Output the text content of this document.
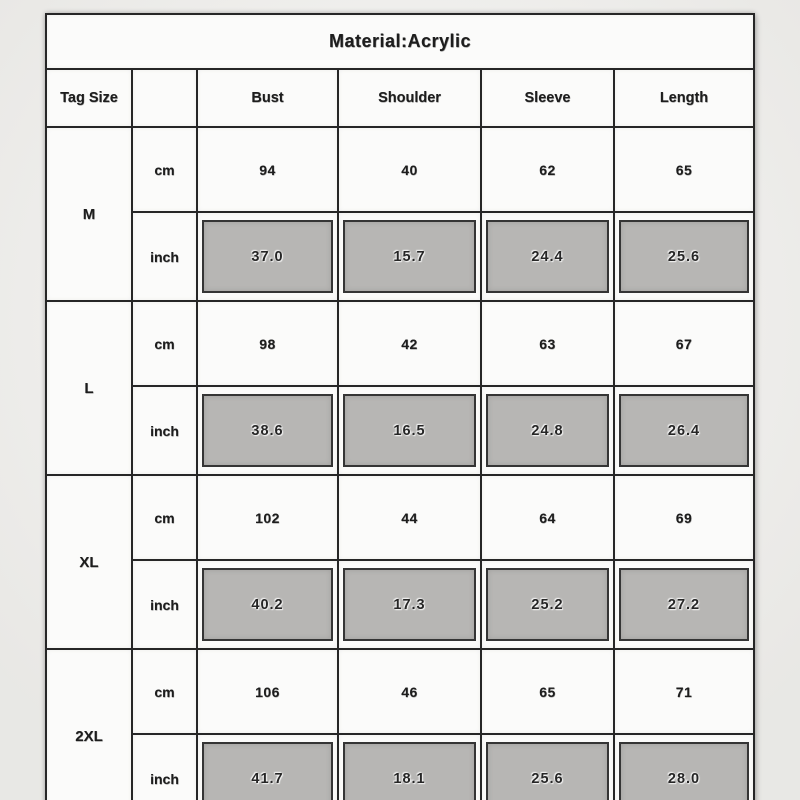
Material:Acrylic					
Tag Size		Bust	Shoulder	Sleeve	Length
M	cm	94	40	62	65
	inch	37.0	15.7	24.4	25.6

L	cm	98	42	63	67
	inch	38.6	16.5	24.8	26.4

XL	cm	102	44	64	69
	inch	40.2	17.3	25.2	27.2

2XL	cm	106	46	65	71
	inch	41.7	18.1	25.6	28.0
